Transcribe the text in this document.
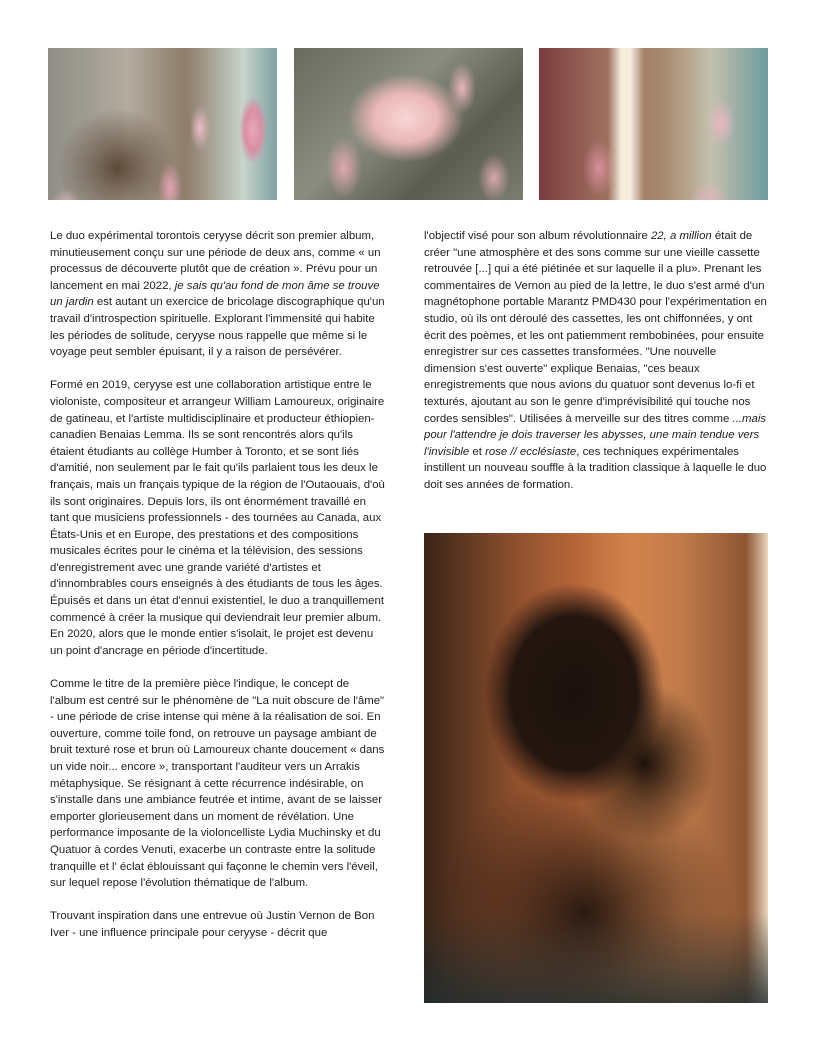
Le duo expérimental torontois ceryyse décrit son premier album, minutieusement conçu sur une période de deux ans, comme « un processus de découverte plutôt que de création ». Prévu pour un lancement en mai 2022, je sais qu'au fond de mon âme se trouve un jardin est autant un exercice de bricolage discographique qu'un travail d'introspection spirituelle. Explorant l'immensité qui habite les périodes de solitude, ceryyse nous rappelle que même si le voyage peut sembler épuisant, il y a raison de persévérer.

Formé en 2019, ceryyse est une collaboration artistique entre le violoniste, compositeur et arrangeur William Lamoureux, originaire de gatineau, et l'artiste multidisciplinaire et producteur éthiopien-canadien Benaias Lemma. Ils se sont rencontrés alors qu'ils étaient étudiants au collège Humber à Toronto, et se sont liés d'amitié, non seulement par le fait qu'ils parlaient tous les deux le français, mais un français typique de la région de l'Outaouais, d'où ils sont originaires. Depuis lors, ils ont énormément travaillé en tant que musiciens professionnels - des tournées au Canada, aux États-Unis et en Europe, des prestations et des compositions musicales écrites pour le cinéma et la télévision, des sessions d'enregistrement avec une grande variété d'artistes et d'innombrables cours enseignés à des étudiants de tous les âges. Épuisés et dans un état d'ennui existentiel, le duo a tranquillement commencé à créer la musique qui deviendrait leur premier album. En 2020, alors que le monde entier s'isolait, le projet est devenu un point d'ancrage en période d'incertitude.

Comme le titre de la première pièce l'indique, le concept de l'album est centré sur le phénomène de "La nuit obscure de l'âme" - une période de crise intense qui mène à la réalisation de soi. En ouverture, comme toile fond, on retrouve un paysage ambiant de bruit texturé rose et brun où Lamoureux chante doucement « dans un vide noir... encore », transportant l'auditeur vers un Arrakis métaphysique. Se résignant à cette récurrence indésirable, on s'installe dans une ambiance feutrée et intime, avant de se laisser emporter glorieusement dans un moment de révélation. Une performance imposante de la violoncelliste Lydia Muchinsky et du Quatuor à cordes Venuti, exacerbe un contraste entre la solitude tranquille et l' éclat éblouissant qui façonne le chemin vers l'éveil, sur lequel repose l'évolution thématique de l'album.

Trouvant inspiration dans une entrevue où Justin Vernon de Bon Iver - une influence principale pour ceryyse - décrit que

l'objectif visé pour son album révolutionnaire 22, a million était de créer "une atmosphère et des sons comme sur une vieille cassette retrouvée [...] qui a été piétinée et sur laquelle il a plu». Prenant les commentaires de Vernon au pied de la lettre, le duo s'est armé d'un magnétophone portable Marantz PMD430 pour l'expérimentation en studio, où ils ont déroulé des cassettes, les ont chiffonnées, y ont écrit des poèmes, et les ont patiemment rembobinées, pour ensuite enregistrer sur ces cassettes transformées. "Une nouvelle dimension s'est ouverte" explique Benaias, "ces beaux enregistrements que nous avions du quatuor sont devenus lo-fi et texturés, ajoutant au son le genre d'imprévisibilité qui touche nos cordes sensibles". Utilisées à merveille sur des titres comme ...mais pour l'attendre je dois traverser les abysses, une main tendue vers l'invisible et rose // ecclésiaste, ces techniques expérimentales instillent un nouveau souffle à la tradition classique à laquelle le duo doit ses années de formation.
